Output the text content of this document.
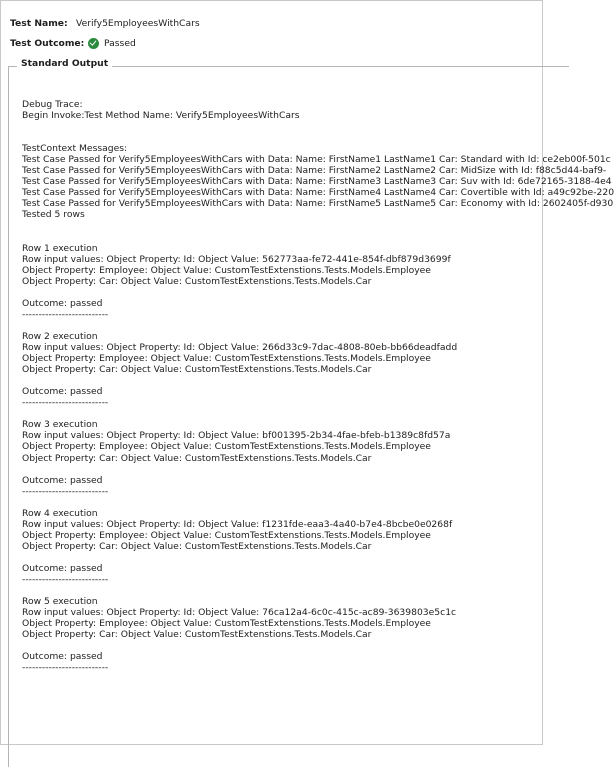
Test Name: Verify5EmployeesWithCars
Test Outcome: Passed
Standard Output
Debug Trace:
Begin Invoke:Test Method Name: Verify5EmployeesWithCars
TestContext Messages:
Test Case Passed for Verify5EmployeesWithCars with Data: Name: FirstName1 LastName1 Car: Standard with Id: ce2eb00f-501c
Test Case Passed for Verify5EmployeesWithCars with Data: Name: FirstName2 LastName2 Car: MidSize with Id: f88c5d44-baf9-
Test Case Passed for Verify5EmployeesWithCars with Data: Name: FirstName3 LastName3 Car: Suv with Id: 6de72165-3188-4e4
Test Case Passed for Verify5EmployeesWithCars with Data: Name: FirstName4 LastName4 Car: Covertible with Id: a49c92be-220
Test Case Passed for Verify5EmployeesWithCars with Data: Name: FirstName5 LastName5 Car: Economy with Id: 2602405f-d930
Tested 5 rows
Row 1 execution
Row input values: Object Property: Id: Object Value: 562773aa-fe72-441e-854f-dbf879d3699f
Object Property: Employee: Object Value: CustomTestExtenstions.Tests.Models.Employee
Object Property: Car: Object Value: CustomTestExtenstions.Tests.Models.Car
Outcome: passed
--------------------------
Row 2 execution
Row input values: Object Property: Id: Object Value: 266d33c9-7dac-4808-80eb-bb66deadfadd
Object Property: Employee: Object Value: CustomTestExtenstions.Tests.Models.Employee
Object Property: Car: Object Value: CustomTestExtenstions.Tests.Models.Car
Outcome: passed
--------------------------
Row 3 execution
Row input values: Object Property: Id: Object Value: bf001395-2b34-4fae-bfeb-b1389c8fd57a
Object Property: Employee: Object Value: CustomTestExtenstions.Tests.Models.Employee
Object Property: Car: Object Value: CustomTestExtenstions.Tests.Models.Car
Outcome: passed
--------------------------
Row 4 execution
Row input values: Object Property: Id: Object Value: f1231fde-eaa3-4a40-b7e4-8bcbe0e0268f
Object Property: Employee: Object Value: CustomTestExtenstions.Tests.Models.Employee
Object Property: Car: Object Value: CustomTestExtenstions.Tests.Models.Car
Outcome: passed
--------------------------
Row 5 execution
Row input values: Object Property: Id: Object Value: 76ca12a4-6c0c-415c-ac89-3639803e5c1c
Object Property: Employee: Object Value: CustomTestExtenstions.Tests.Models.Employee
Object Property: Car: Object Value: CustomTestExtenstions.Tests.Models.Car
Outcome: passed
--------------------------
